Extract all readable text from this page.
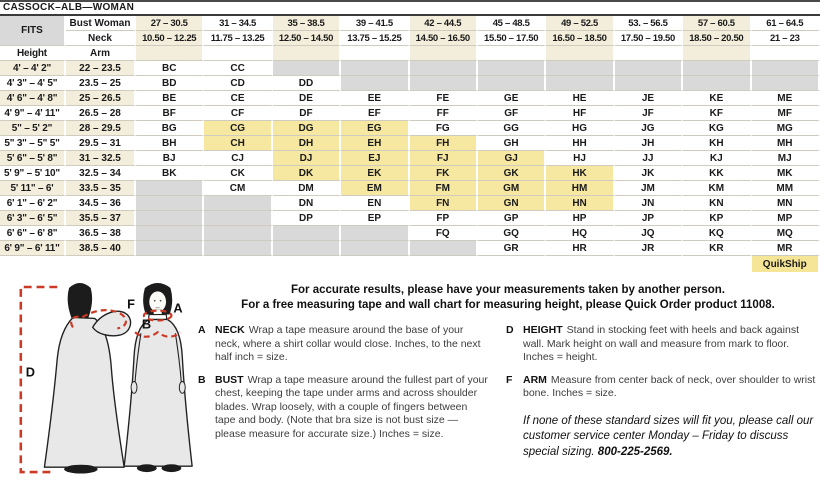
CASSOCK–ALB—WOMAN
FITS	Bust Woman	27 – 30.5	31 – 34.5	35 – 38.5	39 – 41.5	42 – 44.5	45 – 48.5	49 – 52.5	53. – 56.5	57 – 60.5	61 – 64.5
	Neck	10.50 – 12.25	11.75 – 13.25	12.50 – 14.50	13.75 – 15.25	14.50 – 16.50	15.50 – 17.50	16.50 – 18.50	17.50 – 19.50	18.50 – 20.50	21 – 23
Height	Arm										
4' – 4' 2"	22 – 23.5	BC	CC								
4' 3" – 4' 5"	23.5 – 25	BD	CD	DD							
4' 6" – 4' 8"	25 – 26.5	BE	CE	DE	EE	FE	GE	HE	JE	KE	ME
4' 9" – 4' 11"	26.5 – 28	BF	CF	DF	EF	FF	GF	HF	JF	KF	MF
5" – 5' 2"	28 – 29.5	BG	CG	DG	EG	FG	GG	HG	JG	KG	MG
5" 3" – 5" 5"	29.5 – 31	BH	CH	DH	EH	FH	GH	HH	JH	KH	MH
5' 6" – 5' 8"	31 – 32.5	BJ	CJ	DJ	EJ	FJ	GJ	HJ	JJ	KJ	MJ
5' 9" – 5' 10"	32.5 – 34	BK	CK	DK	EK	FK	GK	HK	JK	KK	MK
5' 11" – 6'	33.5 – 35		CM	DM	EM	FM	GM	HM	JM	KM	MM
6' 1" – 6' 2"	34.5 – 36			DN	EN	FN	GN	HN	JN	KN	MN
6' 3" – 6' 5"	35.5 – 37			DP	EP	FP	GP	HP	JP	KP	MP
6' 6" – 6' 8"	36.5 – 38					FQ	GQ	HQ	JQ	KQ	MQ
6' 9" – 6' 11"	38.5 – 40						GR	HR	JR	KR	MR
											QuikShip
D
F	A
B
For accurate results, please have your measurements taken by another person.
For a free measuring tape and wall chart for measuring height, please Quick Order product 11008.
A NECK Wrap a tape measure around the base of your neck, where a shirt collar would close. Inches, to the next half inch = size.

B BUST Wrap a tape measure around the fullest part of your chest, keeping the tape under arms and across shoulder blades. Wrap loosely, with a couple of fingers between tape and body. (Note that bra size is not bust size — please measure for accurate size.) Inches = size.

D HEIGHT Stand in stocking feet with heels and back against wall. Mark height on wall and measure from mark to floor. Inches = height.

F	ARM Measure from center back of neck, over shoulder to wrist bone. Inches = size.

If none of these standard sizes will fit you, please call our customer service center Monday – Friday to discuss special sizing. 800-225-2569.
